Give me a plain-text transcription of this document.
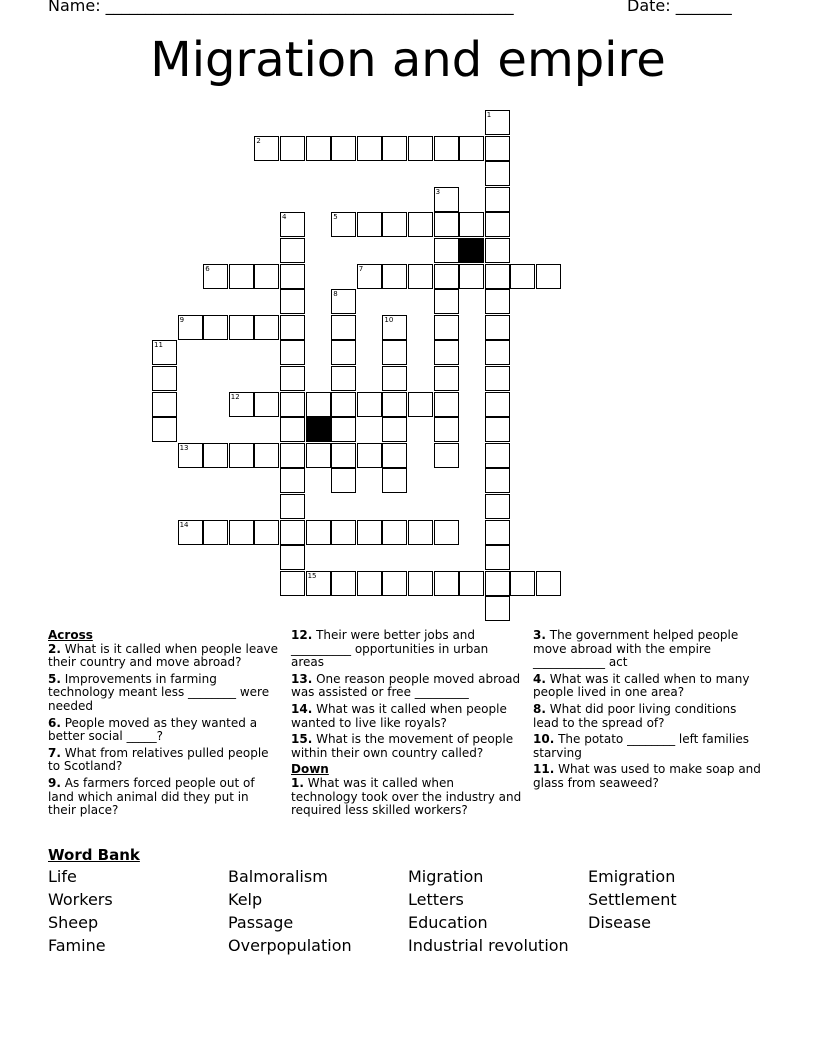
Name: ___________________________________________________	Date: _______
Migration and empire
2
1
3
4	5
6	7
8
9	10
11
12
13
14
15
Across
2. What is it called when people leave their country and move abroad?
5. Improvements in farming technology meant less ________ were needed
6. People moved as they wanted a better social _____?
7. What from relatives pulled people to Scotland?
9. As farmers forced people out of land which animal did they put in their place?
12. Their were better jobs and __________ opportunities in urban areas
13. One reason people moved abroad was assisted or free _________
14. What was it called when people wanted to live like royals?
15. What is the movement of people within their own country called?
Down
1. What was it called when technology took over the industry and required less skilled workers?
3. The government helped people move abroad with the empire ____________ act
4. What was it called when to many people lived in one area?
8. What did poor living conditions lead to the spread of?
10. The potato ________ left families starving
11. What was used to make soap and glass from seaweed?
Word Bank
Life	Balmoralism	Migration	Emigration
Workers	Kelp	Letters	Settlement
Sheep	Passage	Education	Disease
Famine	Overpopulation	Industrial revolution
